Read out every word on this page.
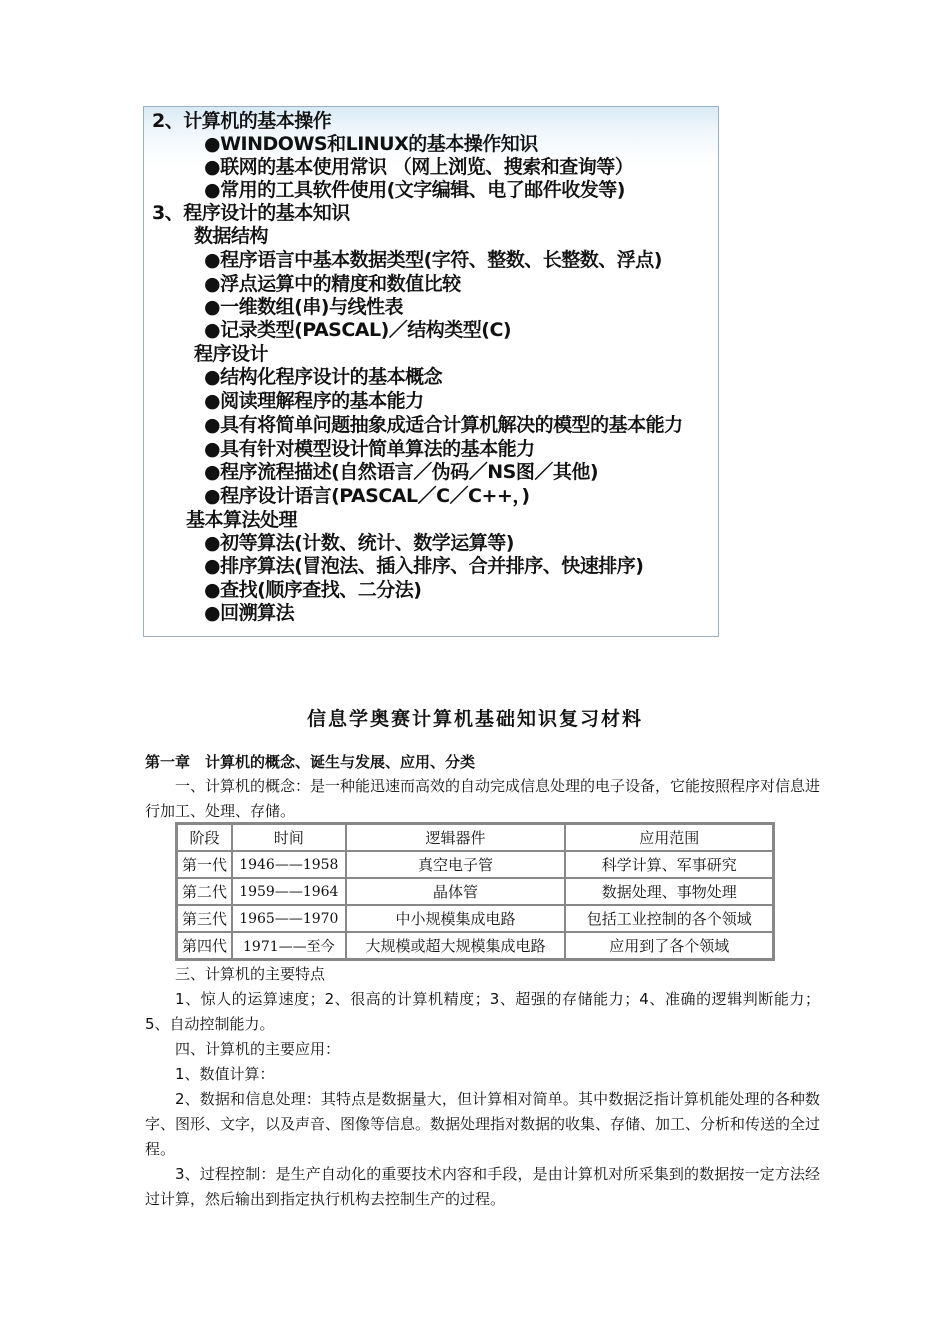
2、计算机的基本操作
● WINDOWS和LINUX的基本操作知识
● 联网的基本使用常识 （网上浏览、搜索和查询等）
● 常用的工具软件使用(文字编辑、电了邮件收发等)
3、程序设计的基本知识
数据结构
● 程序语言中基本数据类型(字符、整数、长整数、浮点)
● 浮点运算中的精度和数值比较
● 一维数组(串)与线性表
● 记录类型(PASCAL)／结构类型(C)
程序设计
● 结构化程序设计的基本概念
● 阅读理解程序的基本能力
● 具有将简单问题抽象成适合计算机解决的模型的基本能力
● 具有针对模型设计简单算法的基本能力
● 程序流程描述(自然语言／伪码／NS图／其他)
● 程序设计语言(PASCAL／C／C++，)
基本算法处理
● 初等算法(计数、统计、数学运算等)
● 排序算法(冒泡法、插入排序、合并排序、快速排序)
● 查找(顺序查找、二分法)
● 回溯算法
信息学奥赛计算机基础知识复习材料
第一章　计算机的概念、诞生与发展、应用、分类
一、计算机的概念：是一种能迅速而高效的自动完成信息处理的电子设备，它能按照程序对信息进行加工、处理、存储。
阶段	时间	逻辑器件	应用范围
第一代	1946——1958	真空电子管	科学计算、军事研究
第二代	1959——1964	晶体管	数据处理、事物处理
第三代	1965——1970	中小规模集成电路	包括工业控制的各个领域
第四代	1971——至今	大规模或超大规模集成电路	应用到了各个领域
三、计算机的主要特点
1、惊人的运算速度；2、很高的计算机精度；3、超强的存储能力；4、准确的逻辑判断能力；5、自动控制能力。
四、计算机的主要应用：
1、数值计算：
2、数据和信息处理：其特点是数据量大，但计算相对简单。其中数据泛指计算机能处理的各种数字、图形、文字，以及声音、图像等信息。数据处理指对数据的收集、存储、加工、分析和传送的全过程。
3、过程控制：是生产自动化的重要技术内容和手段，是由计算机对所采集到的数据按一定方法经过计算，然后输出到指定执行机构去控制生产的过程。
